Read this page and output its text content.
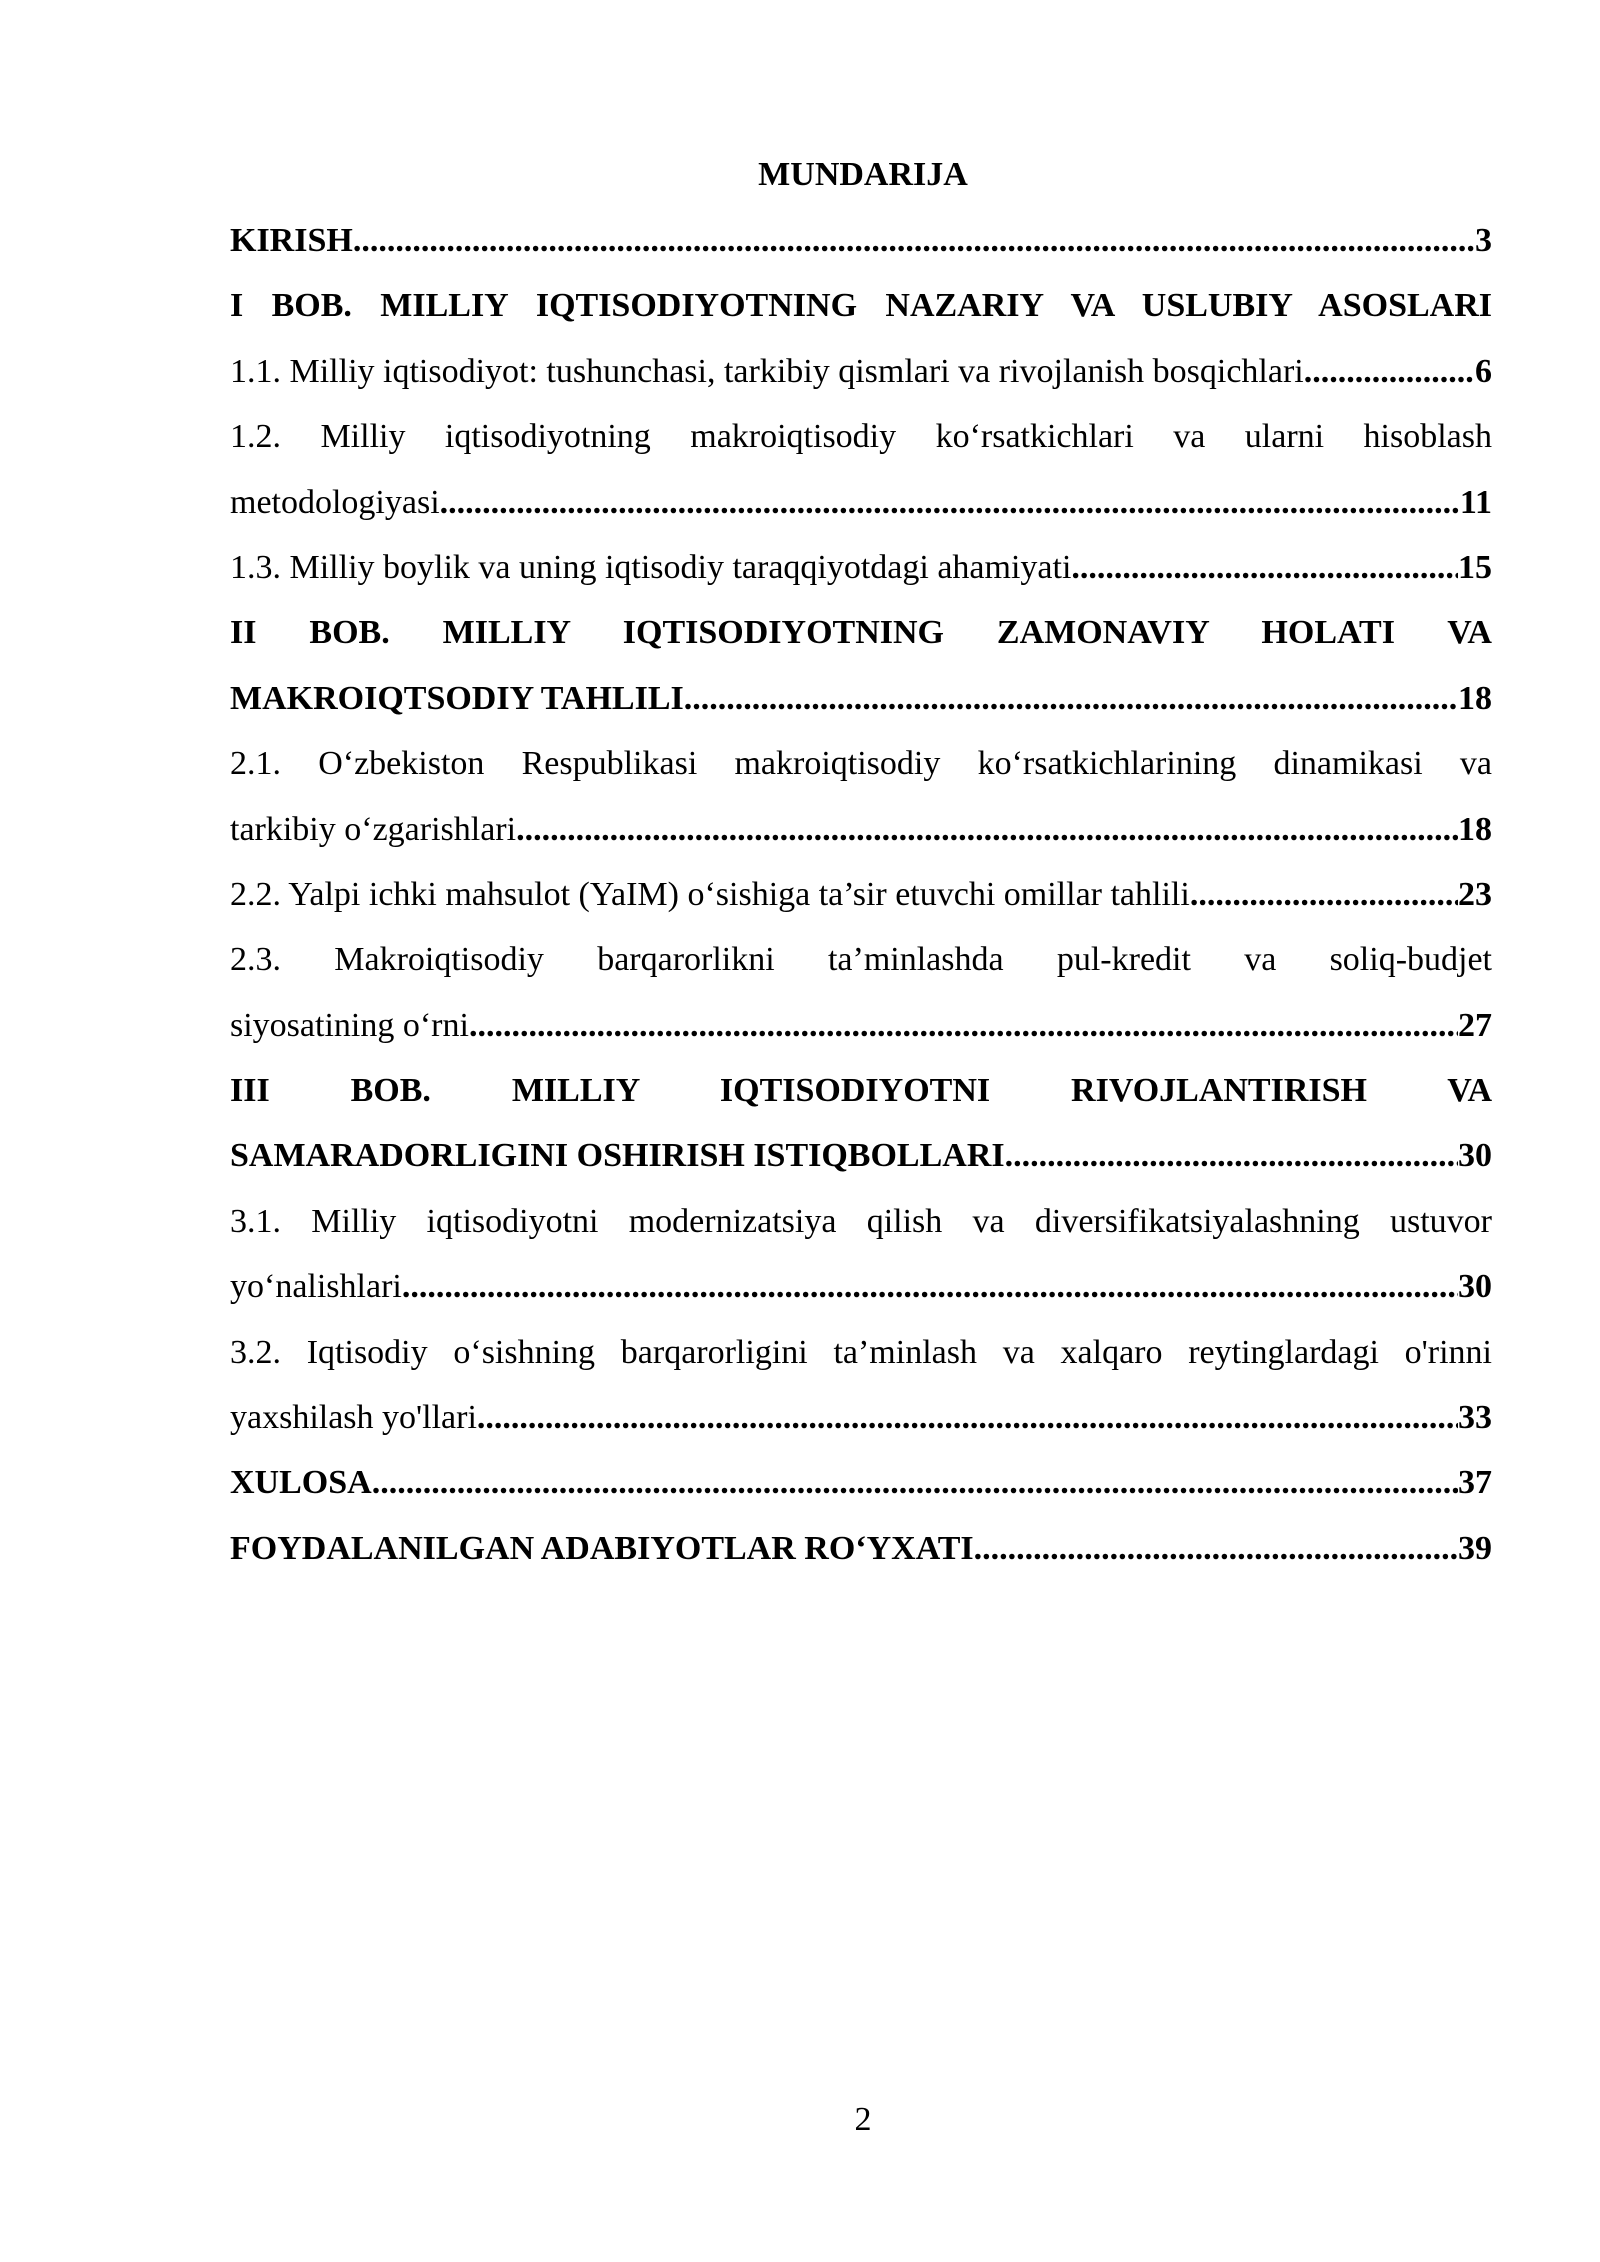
MUNDARIJA
KIRISH .....	3
I BOB. MILLIY IQTISODIYOTNING NAZARIY VA USLUBIY ASOSLARI
1.1. Milliy iqtisodiyot: tushunchasi, tarkibiy qismlari va rivojlanish bosqichlari .....	6
1.2. Milliy iqtisodiyotning makroiqtisodiy ko‘rsatkichlari va ularni hisoblash
metodologiyasi .....	11
1.3. Milliy boylik va uning iqtisodiy taraqqiyotdagi ahamiyati .....	15
II BOB. MILLIY IQTISODIYOTNING ZAMONAVIY HOLATI VA
MAKROIQTSODIY TAHLILI .....	18
2.1. O‘zbekiston Respublikasi makroiqtisodiy ko‘rsatkichlarining dinamikasi va
tarkibiy o‘zgarishlari .....	18
2.2. Yalpi ichki mahsulot (YaIM) o‘sishiga ta’sir etuvchi omillar tahlili .....	23
2.3. Makroiqtisodiy barqarorlikni ta’minlashda pul-kredit va soliq-budjet
siyosatining o‘rni .....	27
III BOB. MILLIY IQTISODIYOTNI RIVOJLANTIRISH VA
SAMARADORLIGINI OSHIRISH ISTIQBOLLARI .....	30
3.1. Milliy iqtisodiyotni modernizatsiya qilish va diversifikatsiyalashning ustuvor
yo‘nalishlari .....	30
3.2. Iqtisodiy o‘sishning barqarorligini ta’minlash va xalqaro reytinglardagi o'rinni
yaxshilash yo'llari .....	33
XULOSA .....	37
FOYDALANILGAN ADABIYOTLAR RO‘YXATI .....	39
2
